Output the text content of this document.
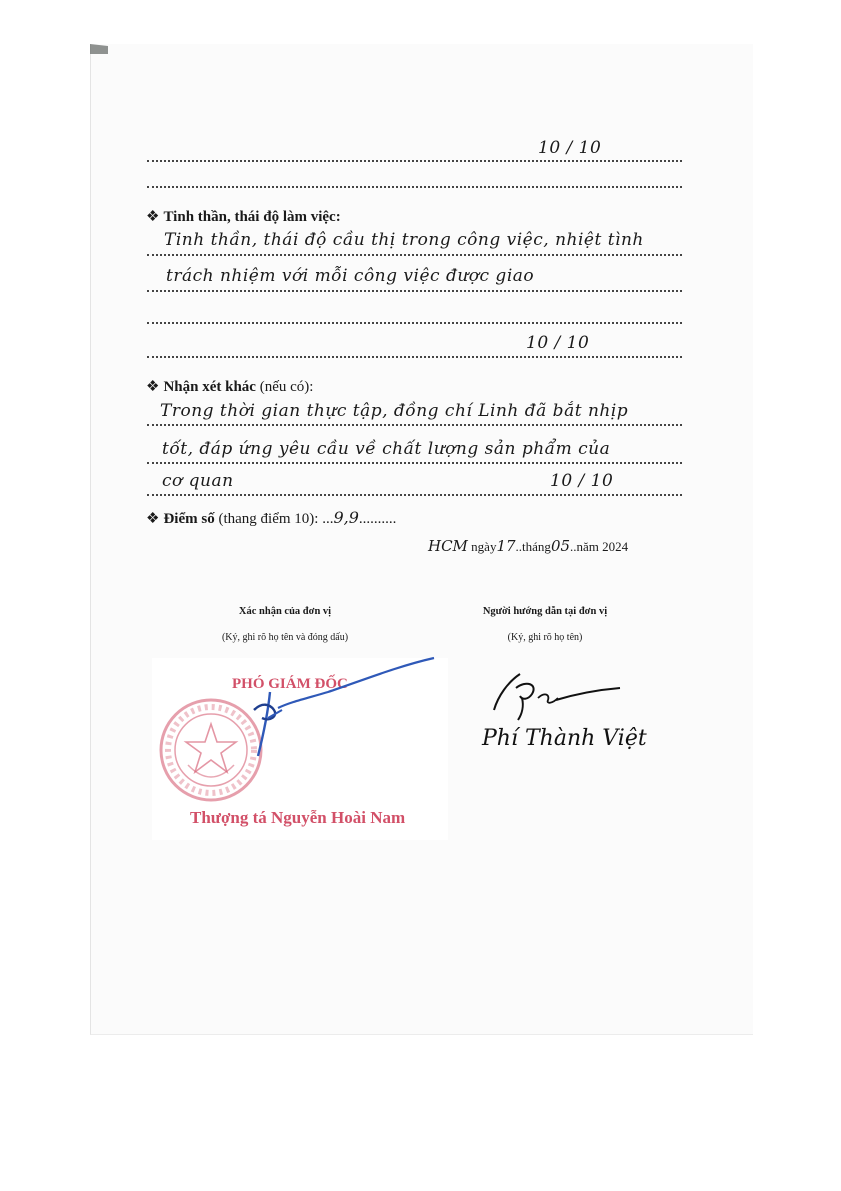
10 / 10
❖ Tinh thần, thái độ làm việc:
Tinh thần, thái độ cầu thị trong công việc, nhiệt tình
trách nhiệm với mỗi công việc được giao
10 / 10
❖ Nhận xét khác (nếu có):
Trong thời gian thực tập, đồng chí Linh đã bắt nhịp
tốt, đáp ứng yêu cầu về chất lượng sản phẩm của
cơ quan	10 / 10
❖ Điểm số (thang điểm 10): ...9,9..........
HCM ngày17..tháng05..năm 2024
Xác nhận của đơn vị
(Ký, ghi rõ họ tên và đóng dấu)
Người hướng dẫn tại đơn vị
(Ký, ghi rõ họ tên)
PHÓ GIÁM ĐỐC
Thượng tá Nguyễn Hoài Nam
Phí Thành Việt
